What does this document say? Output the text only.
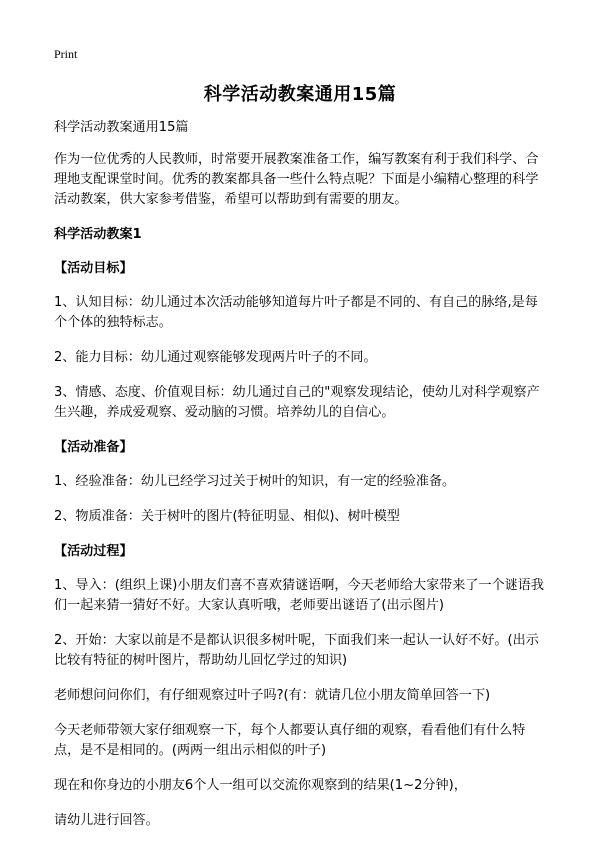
Print
科学活动教案通用15篇
科学活动教案通用15篇
作为一位优秀的人民教师，时常要开展教案准备工作，编写教案有利于我们科学、合理地支配课堂时间。优秀的教案都具备一些什么特点呢？下面是小编精心整理的科学活动教案，供大家参考借鉴，希望可以帮助到有需要的朋友。
科学活动教案1
【活动目标】
1、认知目标：幼儿通过本次活动能够知道每片叶子都是不同的、有自己的脉络,是每个个体的独特标志。
2、能力目标：幼儿通过观察能够发现两片叶子的不同。
3、情感、态度、价值观目标：幼儿通过自己的"观察发现结论，使幼儿对科学观察产生兴趣，养成爱观察、爱动脑的习惯。培养幼儿的自信心。
【活动准备】
1、经验准备：幼儿已经学习过关于树叶的知识，有一定的经验准备。
2、物质准备：关于树叶的图片(特征明显、相似)、树叶模型
【活动过程】
1、导入：(组织上课)小朋友们喜不喜欢猜谜语啊，今天老师给大家带来了一个谜语我们一起来猜一猜好不好。大家认真听哦，老师要出谜语了(出示图片)
2、开始：大家以前是不是都认识很多树叶呢，下面我们来一起认一认好不好。(出示比较有特征的树叶图片，帮助幼儿回忆学过的知识)
老师想问问你们，有仔细观察过叶子吗?(有：就请几位小朋友简单回答一下)
今天老师带领大家仔细观察一下，每个人都要认真仔细的观察，看看他们有什么特点，是不是相同的。(两两一组出示相似的叶子)
现在和你身边的小朋友6个人一组可以交流你观察到的结果(1~2分钟)，
请幼儿进行回答。
